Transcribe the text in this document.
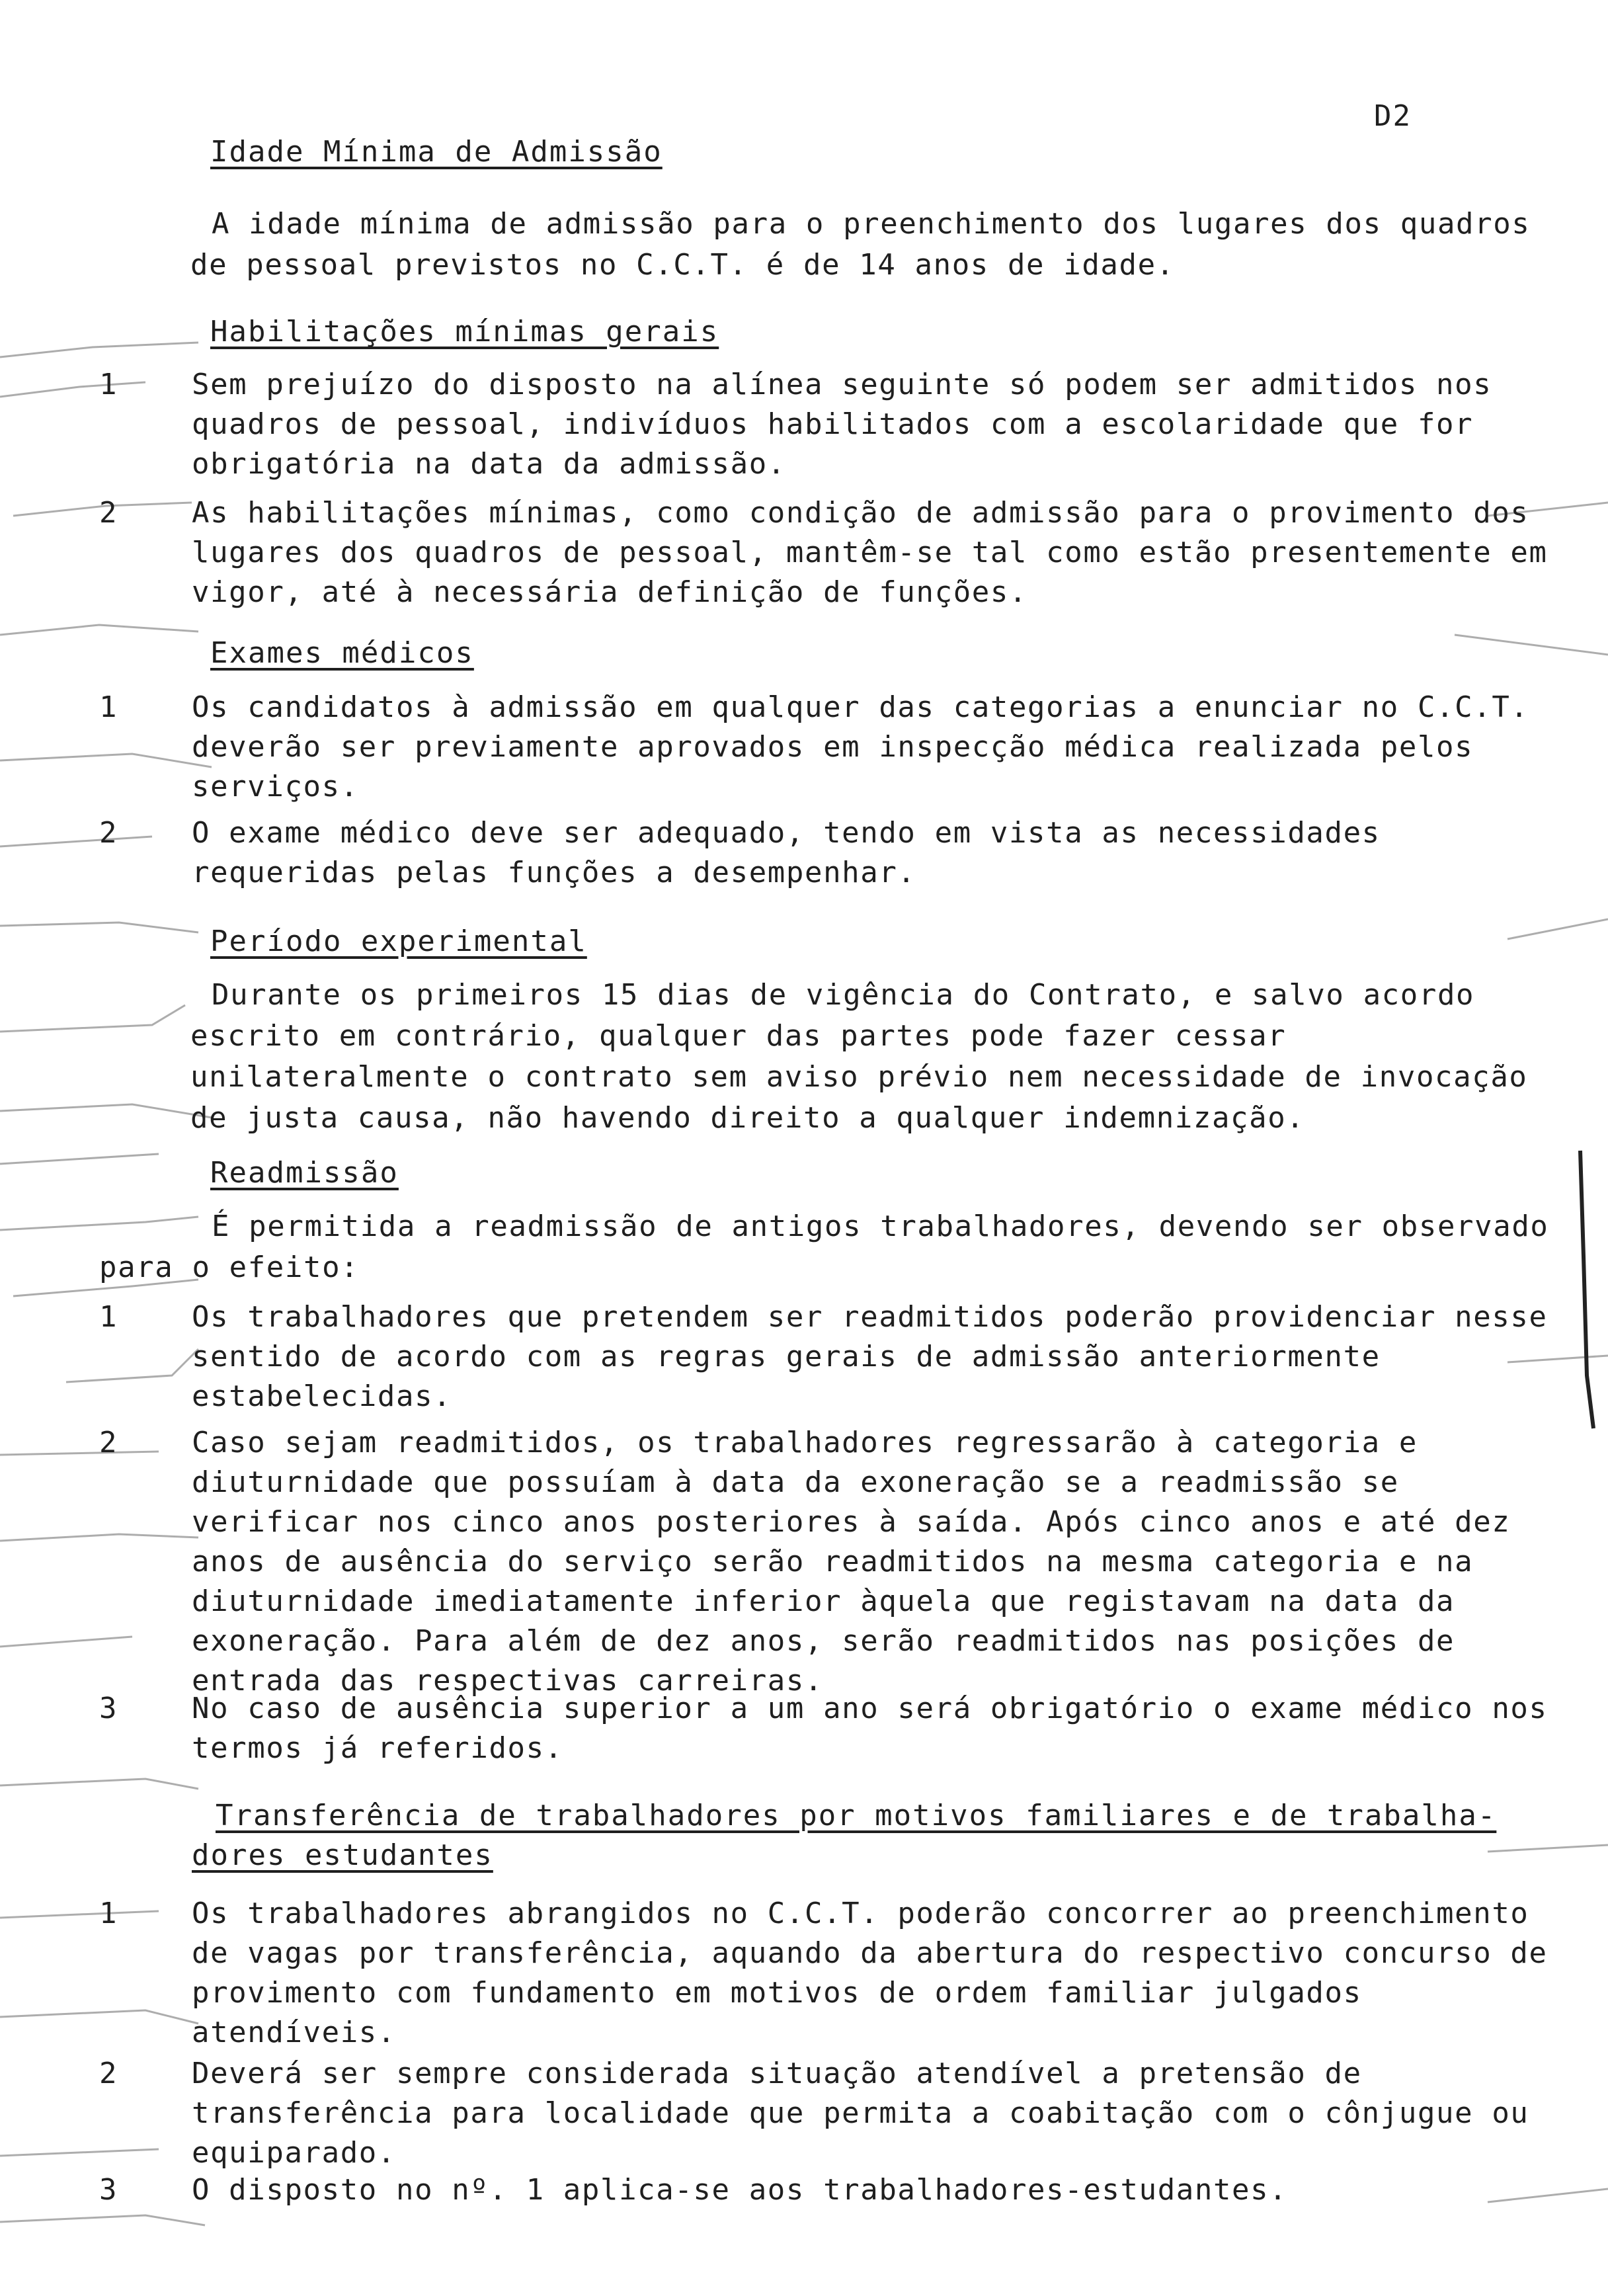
D2
Idade Mínima de Admissão

A idade mínima de admissão para o preenchimento dos lugares dos quadros de pessoal previstos no C.C.T. é de 14 anos de idade.

Habilitações mínimas gerais
1	Sem prejuízo do disposto na alínea seguinte só podem ser admitidos nos quadros de pessoal, indivíduos habilitados com a escolaridade que for obrigatória na data da admissão.
2	As habilitações mínimas, como condição de admissão para o provimento dos lugares dos quadros de pessoal, mantêm-se tal como estão presentemente em vigor, até à necessária definição de funções.
Exames médicos
1	Os candidatos à admissão em qualquer das categorias a enunciar no C.C.T. deverão ser previamente aprovados em inspecção médica realizada pelos serviços.
2	O exame médico deve ser adequado, tendo em vista as necessidades requeridas pelas funções a desempenhar.
Período experimental

Durante os primeiros 15 dias de vigência do Contrato, e salvo acordo escrito em contrário, qualquer das partes pode fazer cessar unilateralmente o contrato sem aviso prévio nem necessidade de invocação de justa causa, não havendo direito a qualquer indemnização.

Readmissão

É permitida a readmissão de antigos trabalhadores, devendo ser observado para o efeito:

1	Os trabalhadores que pretendem ser readmitidos poderão providenciar nesse sentido de acordo com as regras gerais de admissão anteriormente estabelecidas.
2	Caso sejam readmitidos, os trabalhadores regressarão à categoria e diuturnidade que possuíam à data da exoneração se a readmissão se verificar nos cinco anos posteriores à saída. Após cinco anos e até dez anos de ausência do serviço serão readmitidos na mesma categoria e na diuturnidade imediatamente inferior àquela que registavam na data da exoneração. Para além de dez anos, serão readmitidos nas posições de entrada das respectivas carreiras.
3	No caso de ausência superior a um ano será obrigatório o exame médico nos termos já referidos.
Transferência de trabalhadores por motivos familiares e de trabalha-
dores estudantes
1	Os trabalhadores abrangidos no C.C.T. poderão concorrer ao preenchimento de vagas por transferência, aquando da abertura do respectivo concurso de provimento com fundamento em motivos de ordem familiar julgados atendíveis.
2	Deverá ser sempre considerada situação atendível a pretensão de transferência para localidade que permita a coabitação com o cônjugue ou equiparado.
3	O disposto no nº. 1 aplica-se aos trabalhadores-estudantes.
